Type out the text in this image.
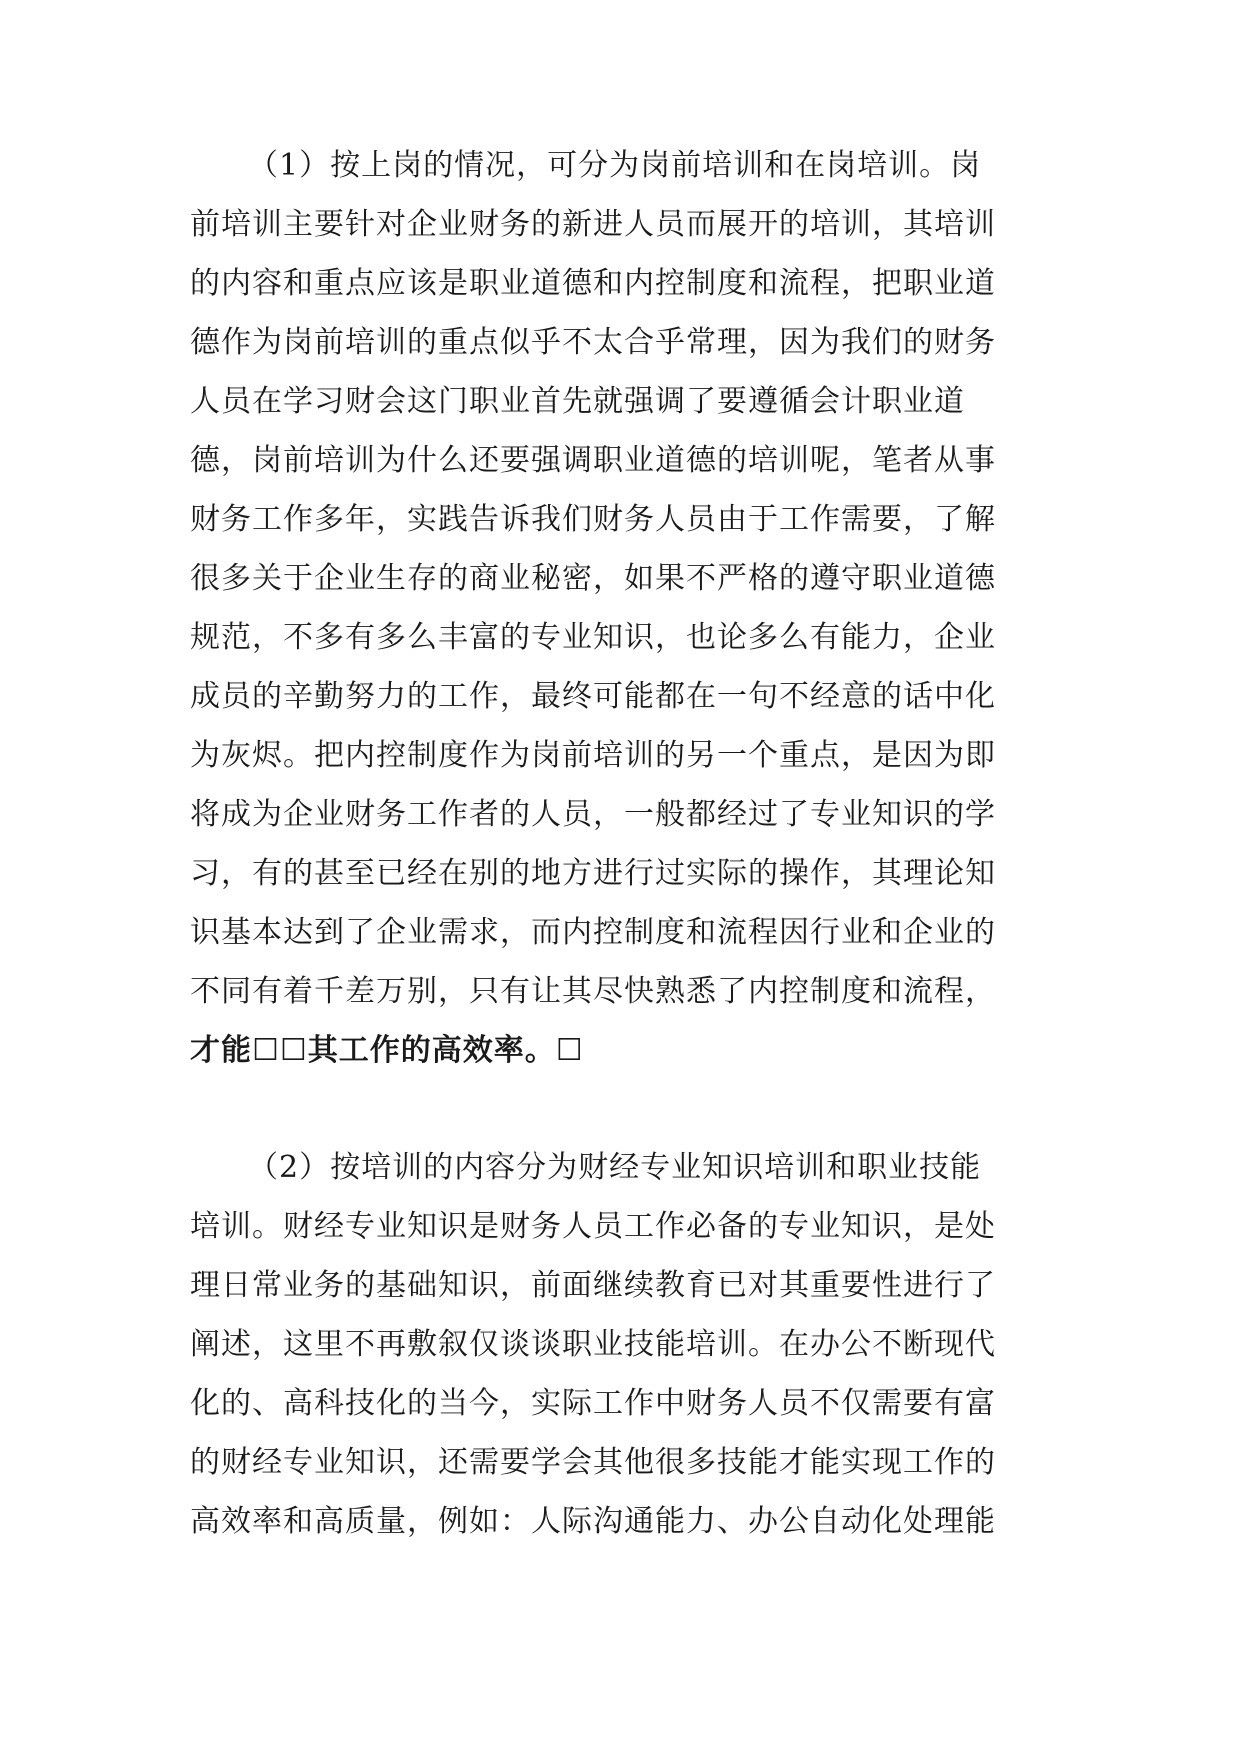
（1）按上岗的情况，可分为岗前培训和在岗培训。岗
前培训主要针对企业财务的新进人员而展开的培训，其培训
的内容和重点应该是职业道德和内控制度和流程，把职业道
德作为岗前培训的重点似乎不太合乎常理，因为我们的财务
人员在学习财会这门职业首先就强调了要遵循会计职业道
德，岗前培训为什么还要强调职业道德的培训呢，笔者从事
财务工作多年，实践告诉我们财务人员由于工作需要，了解
很多关于企业生存的商业秘密，如果不严格的遵守职业道德
规范，不多有多么丰富的专业知识，也论多么有能力，企业
成员的辛勤努力的工作，最终可能都在一句不经意的话中化
为灰烬。把内控制度作为岗前培训的另一个重点，是因为即
将成为企业财务工作者的人员，一般都经过了专业知识的学
习，有的甚至已经在别的地方进行过实际的操作，其理论知
识基本达到了企业需求，而内控制度和流程因行业和企业的
不同有着千差万别，只有让其尽快熟悉了内控制度和流程，
才能☐☐其工作的高效率。☐
（2）按培训的内容分为财经专业知识培训和职业技能
培训。财经专业知识是财务人员工作必备的专业知识，是处
理日常业务的基础知识，前面继续教育已对其重要性进行了
阐述，这里不再敷叙仅谈谈职业技能培训。在办公不断现代
化的、高科技化的当今，实际工作中财务人员不仅需要有富
的财经专业知识，还需要学会其他很多技能才能实现工作的
高效率和高质量，例如：人际沟通能力、办公自动化处理能
